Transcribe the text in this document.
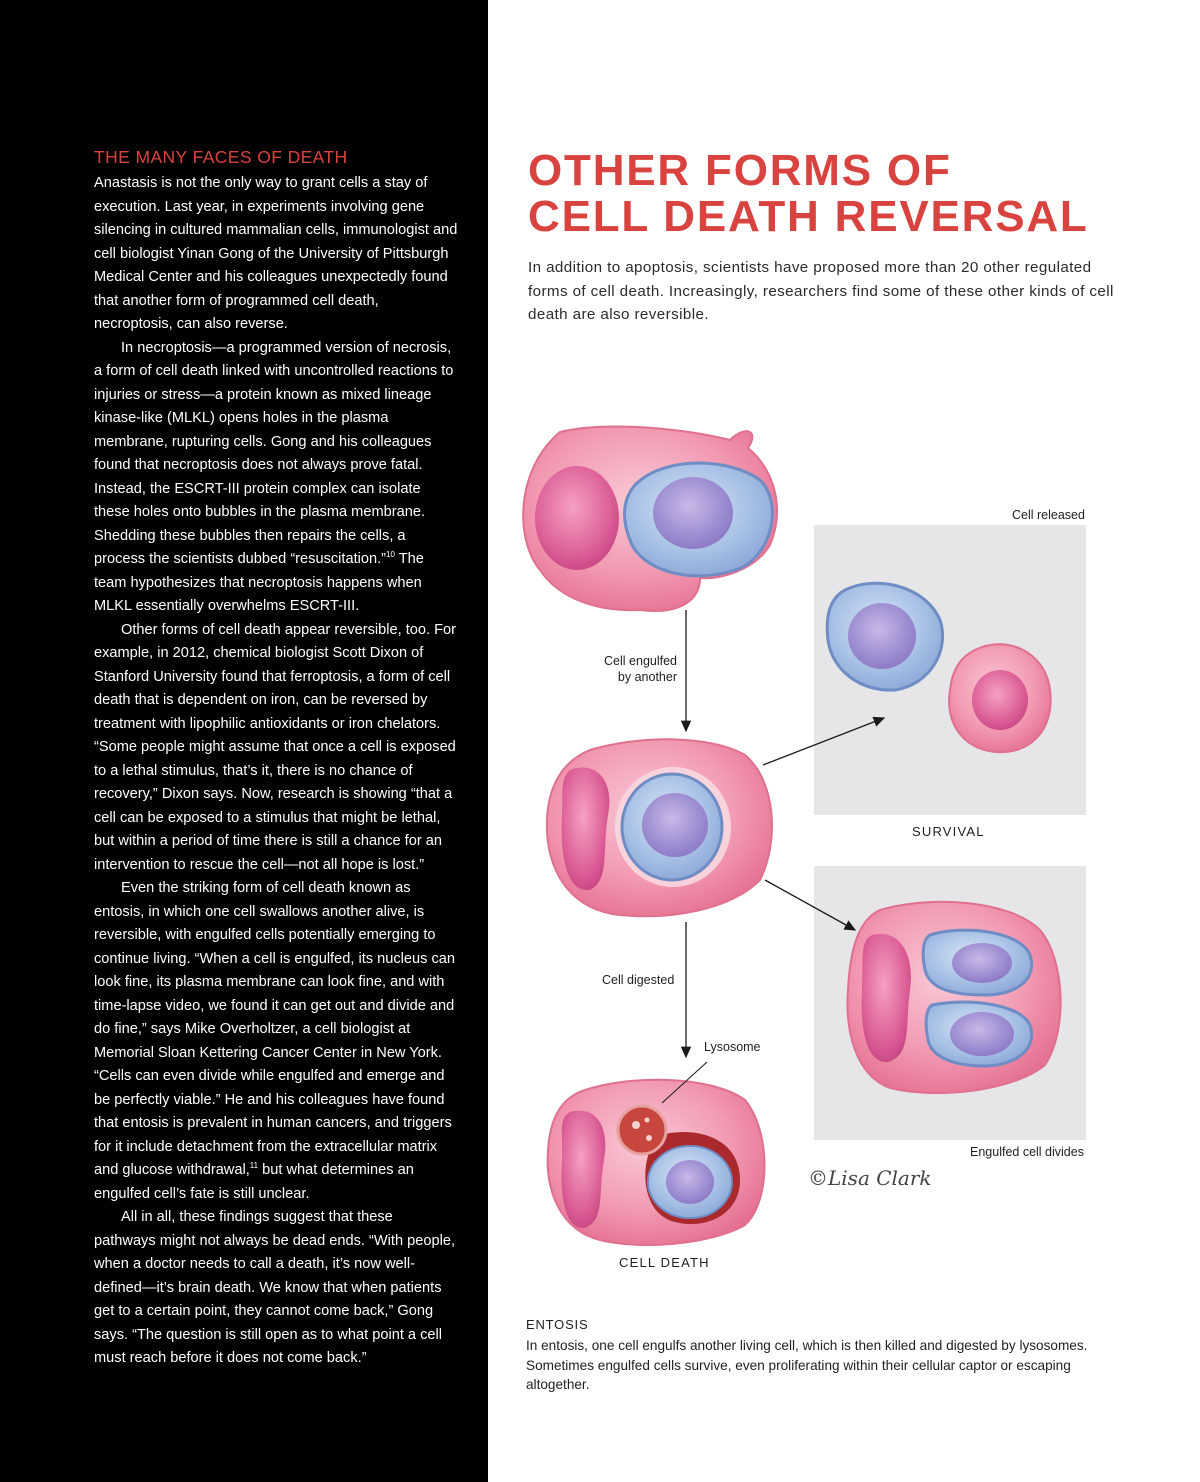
THE MANY FACES OF DEATH

Anastasis is not the only way to grant cells a stay of execution. Last year, in experiments involving gene silencing in cultured mammalian cells, immunologist and cell biologist Yinan Gong of the University of Pittsburgh Medical Center and his colleagues unexpectedly found that another form of programmed cell death, necroptosis, can also reverse.

In necroptosis—a programmed version of necrosis, a form of cell death linked with uncontrolled reactions to injuries or stress—a protein known as mixed lineage kinase-like (MLKL) opens holes in the plasma membrane, rupturing cells. Gong and his colleagues found that necroptosis does not always prove fatal. Instead, the ESCRT-III protein complex can isolate these holes onto bubbles in the plasma membrane. Shedding these bubbles then repairs the cells, a process the scientists dubbed “resuscitation.”$^{10}$ The team hypothesizes that necroptosis happens when MLKL essentially overwhelms ESCRT-III.

Other forms of cell death appear reversible, too. For example, in 2012, chemical biologist Scott Dixon of Stanford University found that ferroptosis, a form of cell death that is dependent on iron, can be reversed by treatment with lipophilic antioxidants or iron chelators. “Some people might assume that once a cell is exposed to a lethal stimulus, that’s it, there is no chance of recovery,” Dixon says. Now, research is showing “that a cell can be exposed to a stimulus that might be lethal, but within a period of time there is still a chance for an intervention to rescue the cell—not all hope is lost.”

Even the striking form of cell death known as entosis, in which one cell swallows another alive, is reversible, with engulfed cells potentially emerging to continue living. “When a cell is engulfed, its nucleus can look fine, its plasma membrane can look fine, and with time-lapse video, we found it can get out and divide and do fine,” says Mike Overholtzer, a cell biologist at Memorial Sloan Kettering Cancer Center in New York. “Cells can even divide while engulfed and emerge and be perfectly viable.” He and his colleagues have found that entosis is prevalent in human cancers, and triggers for it include detachment from the extracellular matrix and glucose withdrawal,$^{11}$ but what determines an engulfed cell’s fate is still unclear.

All in all, these findings suggest that these pathways might not always be dead ends. “With people, when a doctor needs to call a death, it’s now well-defined—it’s brain death. We know that when patients get to a certain point, they cannot come back,” Gong says. “The question is still open as to what point a cell must reach before it does not come back.”

OTHER FORMS OF
CELL DEATH REVERSAL

In addition to apoptosis, scientists have proposed more than 20 other regulated forms of cell death. Increasingly, researchers find some of these other kinds of cell death are also reversible.

Cell engulfed by another
Cell released
SURVIVAL
Cell digested
Lysosome
Engulfed cell divides
CELL DEATH
©Lisa Clark
ENTOSIS

In entosis, one cell engulfs another living cell, which is then killed and digested by lysosomes. Sometimes engulfed cells survive, even proliferating within their cellular captor or escaping altogether.
